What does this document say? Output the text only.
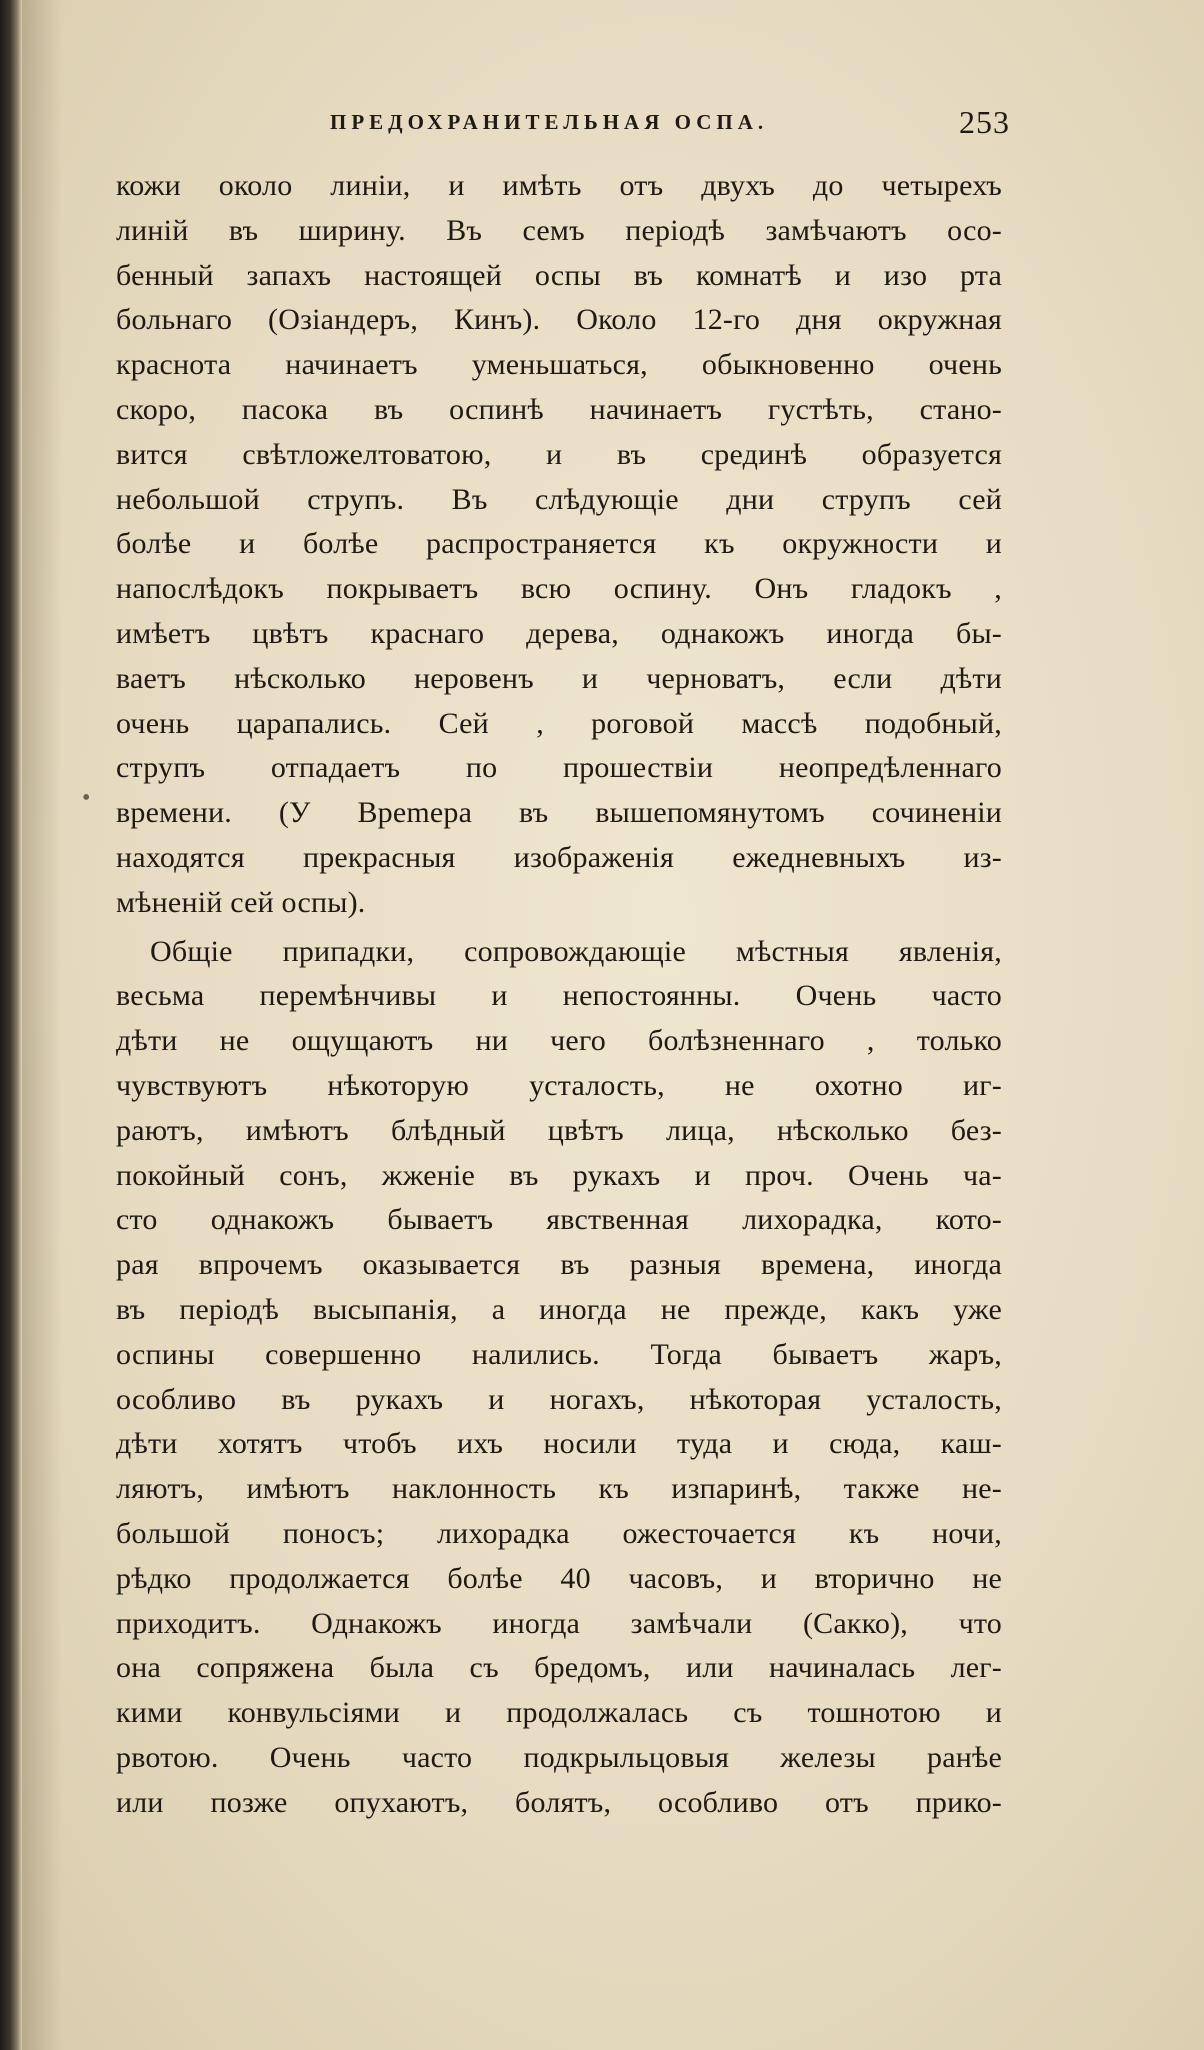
ПРЕДОХРАНИТЕЛЬНАЯ ОСПА.	253
•
кожи около линiи, и имѣть отъ двухъ до четырехъ
линiй въ ширину. Въ семъ перiодѣ замѣчаютъ осо-
бенный запахъ настоящей оспы въ комнатѣ и изо рта
больнаго (Озiандеръ, Кинъ). Около 12-го дня окружная
краснота начинаетъ уменьшаться, обыкновенно очень
скоро, пасока въ оспинѣ начинаетъ густѣть, стано-
вится свѣтложелтоватою, и въ срединѣ образуется
небольшой струпъ. Въ слѣдующiе дни струпъ сей
болѣе и болѣе распространяется къ окружности и
напослѣдокъ покрываетъ всю оспину. Онъ гладокъ ,
имѣетъ цвѣтъ краснаго дерева, однакожъ иногда бы-
ваетъ нѣсколько неровенъ и черноватъ, если дѣти
очень царапались. Сей , роговой массѣ подобный,
струпъ отпадаетъ по прошествiи неопредѣленнаго
времени. (У Вреmера въ вышепомянутомъ сочиненiи
находятся прекрасныя изображенiя ежедневныхъ из-
мѣненiй сей оспы).
Общiе припадки, сопровождающiе мѣстныя явленiя,
весьма перемѣнчивы и непостоянны. Очень часто
дѣти не ощущаютъ ни чего болѣзненнаго , только
чувствуютъ нѣкоторую усталость, не охотно иг-
раютъ, имѣютъ блѣдный цвѣтъ лица, нѣсколько без-
покойный сонъ, жженiе въ рукахъ и проч. Очень ча-
сто однакожъ бываетъ явственная лихорадка, кото-
рая впрочемъ оказывается въ разныя времена, иногда
въ перiодѣ высыпанiя, а иногда не прежде, какъ уже
оспины совершенно налились. Тогда бываетъ жаръ,
особливо въ рукахъ и ногахъ, нѣкоторая усталость,
дѣти хотятъ чтобъ ихъ носили туда и сюда, каш-
ляютъ, имѣютъ наклонность къ изпаринѣ, также не-
большой поносъ; лихорадка ожесточается къ ночи,
рѣдко продолжается болѣе 40 часовъ, и вторично не
приходитъ. Однакожъ иногда замѣчали (Сакко), что
она сопряжена была съ бредомъ, или начиналась лег-
кими конвульсiями и продолжалась съ тошнотою и
рвотою. Очень часто подкрыльцовыя железы ранѣе
или позже опухаютъ, болятъ, особливо отъ прико-
